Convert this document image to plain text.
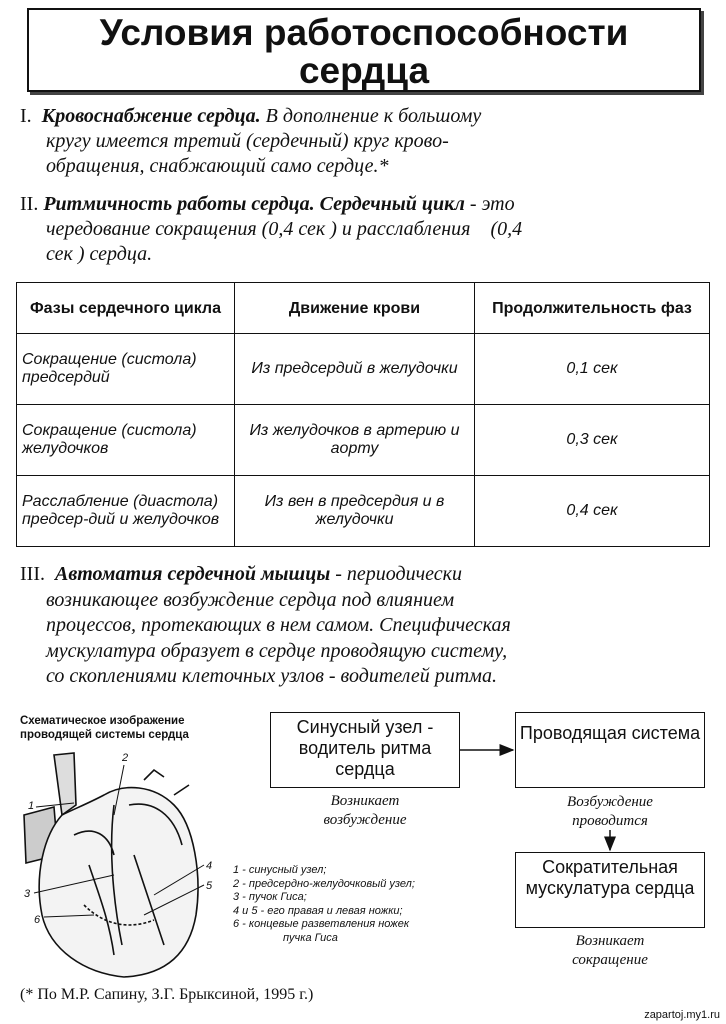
Условия работоспособности
сердца
I. Кровоснабжение сердца. В дополнение к большому
кругу имеется третий (сердечный) круг крово-
обращения, снабжающий само сердце.*
II. Ритмичность работы сердца. Сердечный цикл - это
чередование сокращения (0,4 сек ) и расслабления    (0,4
сек ) сердца.
Фазы сердечного цикла	Движение крови	Продолжительность фаз
Сокращение (систола) предсердий	Из предсердий в желудочки	0,1 сек
Сокращение (систола) желудочков	Из желудочков в артерию и аорту	0,3 сек
Расслабление (диастола) предсер-дий и желудочков	Из вен в предсердия и в желудочки	0,4 сек
III. Автоматия сердечной мышцы - периодически
возникающее возбуждение сердца под влиянием
процессов, протекающих в нем самом. Специфическая
мускулатура образует в сердце проводящую систему,
со скоплениями клеточных узлов - водителей ритма.
Схематическое изображение
проводящей системы сердца
1
2
3
4
5
6
1 - синусный узел;
2 - предсердно-желудочковый узел;
3 - пучок Гиса;
4 и 5 - его правая и левая ножки;
6 - концевые разветвления ножек
пучка Гиса
Синусный узел - водитель ритма сердца
Возникает возбуждение
Проводящая система
Возбуждение проводится
Сократительная мускулатура сердца
Возникает сокращение
(* По М.Р. Сапину, З.Г. Брыксиной, 1995 г.)
zapartoj.my1.ru
